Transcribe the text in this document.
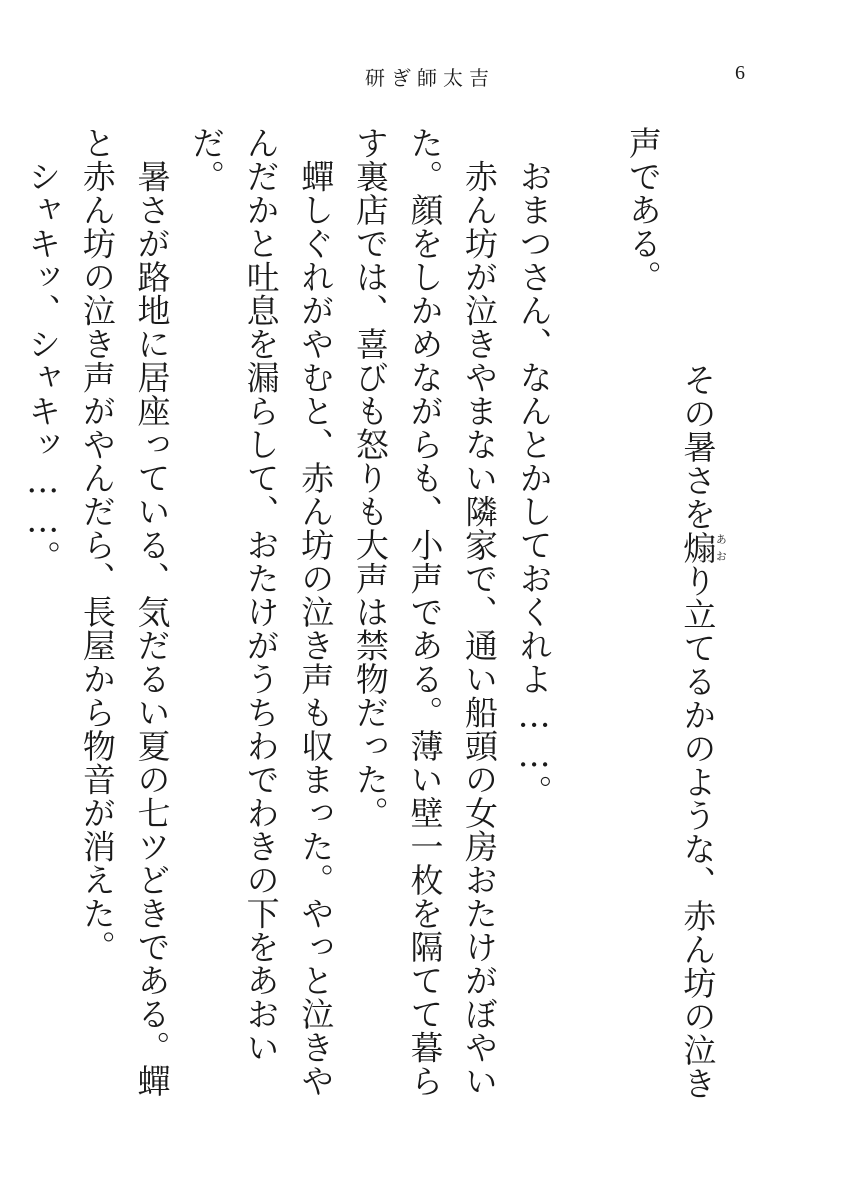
研ぎ師太吉	6

その暑さを煽あおり立てるかのような、赤ん坊の泣き声である。

　おまつさん、なんとかしておくれよ……。

　赤ん坊が泣きやまない隣家で、通い船頭の女房おたけがぼやいた。顔をしかめながらも、小声である。薄い壁一枚を隔てて暮らす裏店では、喜びも怒りも大声は禁物だった。

　蟬しぐれがやむと、赤ん坊の泣き声も収まった。やっと泣きやんだかと吐息を漏らして、おたけがうちわでわきの下をあおいだ。

　暑さが路地に居座っている、気だるい夏の七ツどきである。蟬と赤ん坊の泣き声がやんだら、長屋から物音が消えた。

　シャキッ、シャキッ……。
